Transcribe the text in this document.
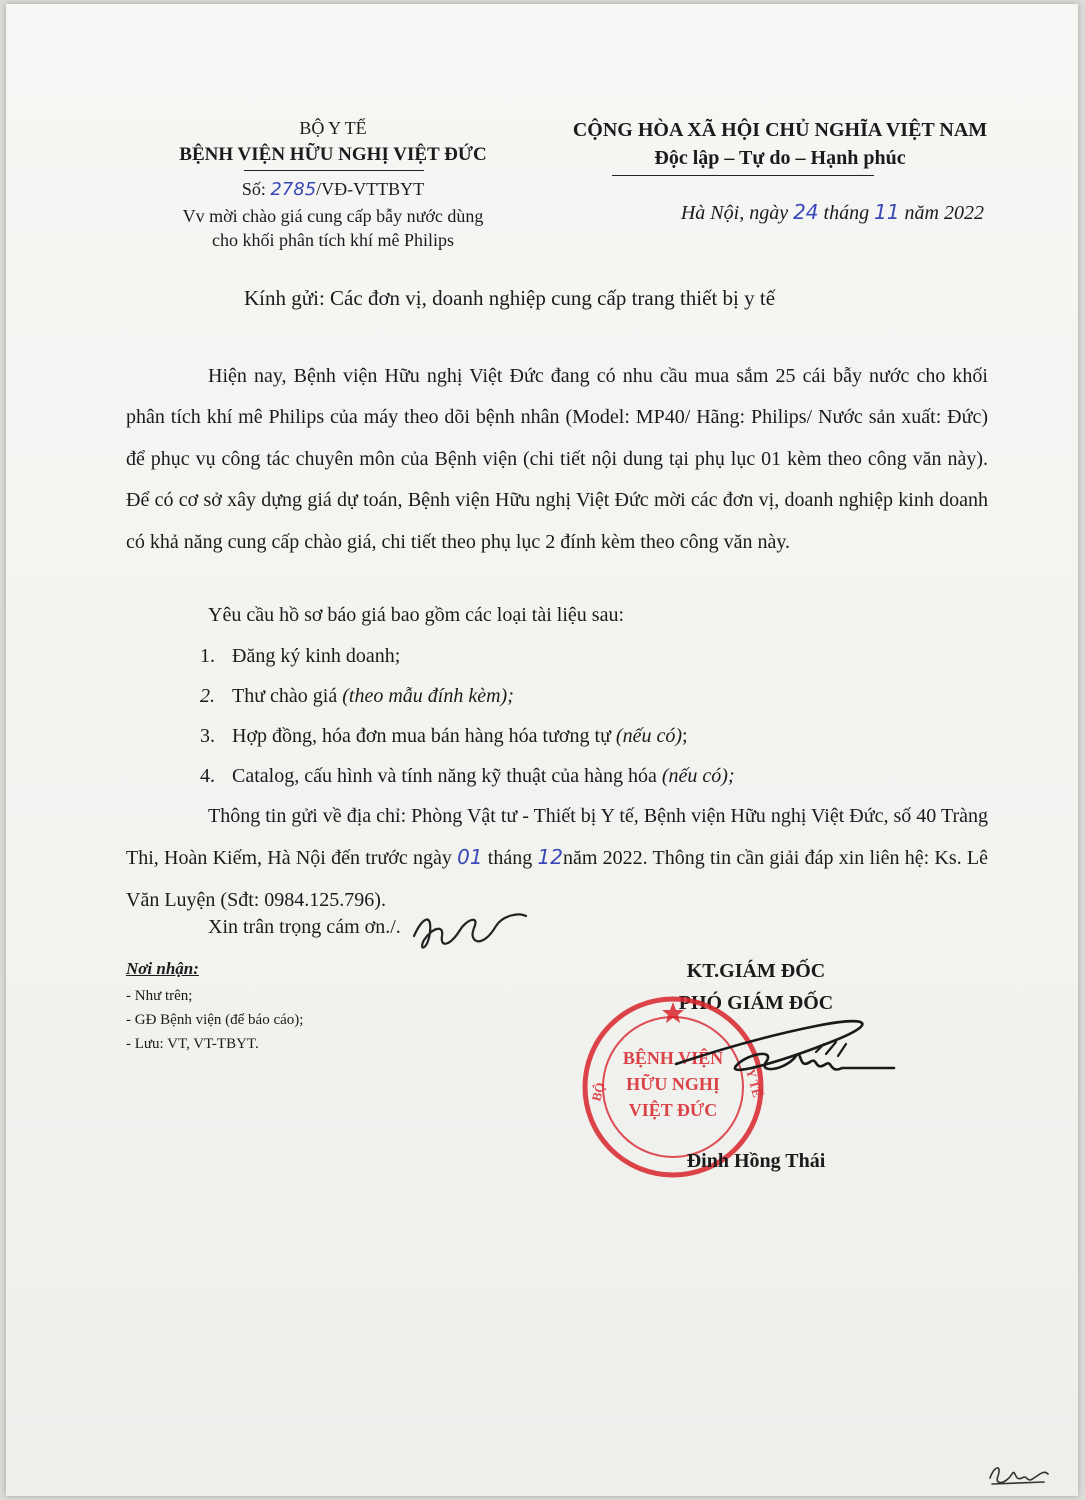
BỘ Y TẾ
BỆNH VIỆN HỮU NGHỊ VIỆT ĐỨC
Số: 2785/VĐ-VTTBYT
Vv mời chào giá cung cấp bẫy nước dùng
cho khối phân tích khí mê Philips
CỘNG HÒA XÃ HỘI CHỦ NGHĨA VIỆT NAM
Độc lập – Tự do – Hạnh phúc
Hà Nội, ngày 24 tháng 11 năm 2022
Kính gửi: Các đơn vị, doanh nghiệp cung cấp trang thiết bị y tế
Hiện nay, Bệnh viện Hữu nghị Việt Đức đang có nhu cầu mua sắm 25 cái bẫy nước cho khối phân tích khí mê Philips của máy theo dõi bệnh nhân (Model: MP40/ Hãng: Philips/ Nước sản xuất: Đức) để phục vụ công tác chuyên môn của Bệnh viện (chi tiết nội dung tại phụ lục 01 kèm theo công văn này). Để có cơ sở xây dựng giá dự toán, Bệnh viện Hữu nghị Việt Đức mời các đơn vị, doanh nghiệp kinh doanh có khả năng cung cấp chào giá, chi tiết theo phụ lục 2 đính kèm theo công văn này.
Yêu cầu hồ sơ báo giá bao gồm các loại tài liệu sau:
1. Đăng ký kinh doanh;
2. Thư chào giá (theo mẫu đính kèm);
3. Hợp đồng, hóa đơn mua bán hàng hóa tương tự (nếu có);
4. Catalog, cấu hình và tính năng kỹ thuật của hàng hóa (nếu có);
Thông tin gửi về địa chỉ: Phòng Vật tư - Thiết bị Y tế, Bệnh viện Hữu nghị Việt Đức, số 40 Tràng Thi, Hoàn Kiếm, Hà Nội đến trước ngày 01 tháng 12năm 2022. Thông tin cần giải đáp xin liên hệ: Ks. Lê Văn Luyện (Sđt: 0984.125.796).
Xin trân trọng cám ơn./.
Nơi nhận:
- Như trên;
- GĐ Bệnh viện (để báo cáo);
- Lưu: VT, VT-TBYT.
KT.GIÁM ĐỐC
PHÓ GIÁM ĐỐC
BỆNH VIỆN
HỮU NGHỊ
VIỆT ĐỨC
BỘ	Y TẾ
Đinh Hồng Thái
